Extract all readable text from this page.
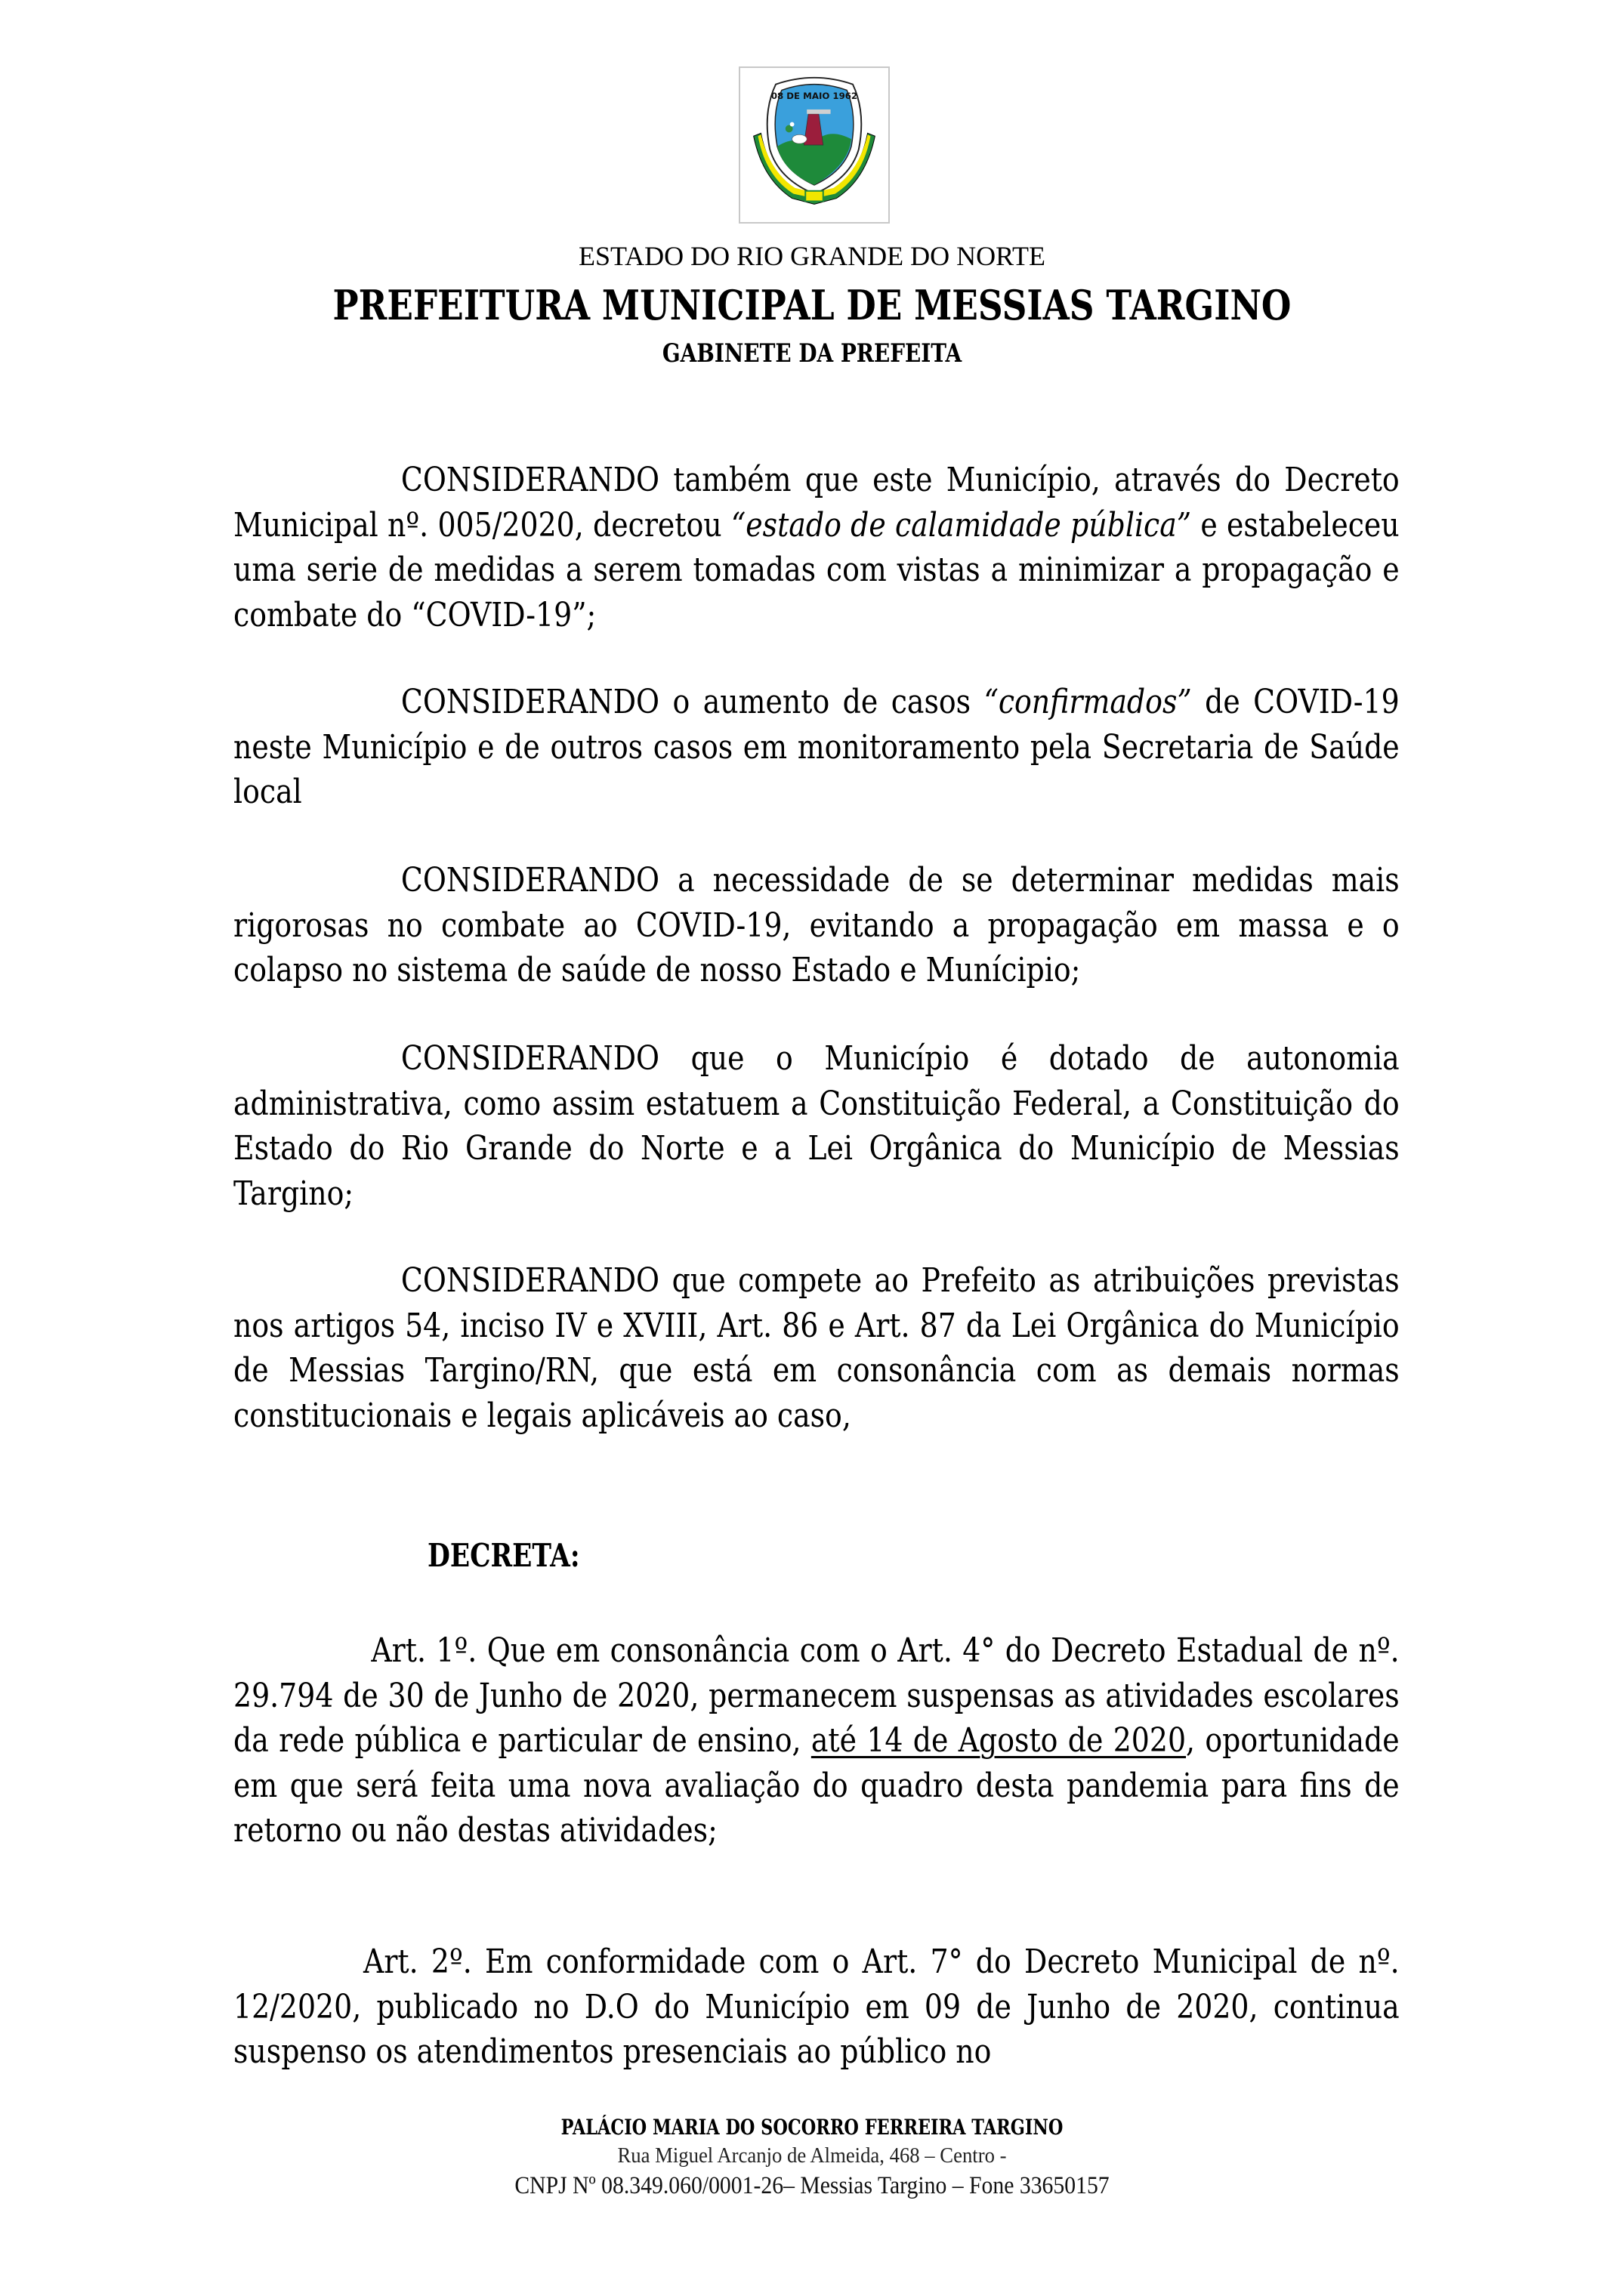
08 DE MAIO 1962
ESTADO DO RIO GRANDE DO NORTE
PREFEITURA MUNICIPAL DE MESSIAS TARGINO
GABINETE DA PREFEITA

CONSIDERANDO também que este Município, através do Decreto Municipal nº. 005/2020, decretou “estado de calamidade pública” e estabeleceu uma serie de medidas a serem tomadas com vistas a minimizar a propagação e combate do “COVID-19”;

CONSIDERANDO o aumento de casos “confirmados” de COVID-19 neste Município e de outros casos em monitoramento pela Secretaria de Saúde local

CONSIDERANDO a necessidade de se determinar medidas mais rigorosas no combate ao COVID-19, evitando a propagação em massa e o colapso no sistema de saúde de nosso Estado e Munícipio;

CONSIDERANDO que o Município é dotado de autonomia administrativa, como assim estatuem a Constituição Federal, a Constituição do Estado do Rio Grande do Norte e a Lei Orgânica do Município de Messias Targino;

CONSIDERANDO que compete ao Prefeito as atribuições previstas nos artigos 54, inciso IV e XVIII, Art. 86 e Art. 87 da Lei Orgânica do Município de Messias Targino/RN, que está em consonância com as demais normas constitucionais e legais aplicáveis ao caso,

Art. 1º. Que em consonância com o Art. 4° do Decreto Estadual de nº. 29.794 de 30 de Junho de 2020, permanecem suspensas as atividades escolares da rede pública e particular de ensino, até 14 de Agosto de 2020, oportunidade em que será feita uma nova avaliação do quadro desta pandemia para fins de retorno ou não destas atividades;

Art. 2º. Em conformidade com o Art. 7° do Decreto Municipal de nº. 12/2020, publicado no D.O do Município em 09 de Junho de 2020, continua suspenso os atendimentos presenciais ao público no

DECRETA:
PALÁCIO MARIA DO SOCORRO FERREIRA TARGINO
Rua Miguel Arcanjo de Almeida, 468 – Centro -
CNPJ Nº 08.349.060/0001-26– Messias Targino – Fone 33650157
